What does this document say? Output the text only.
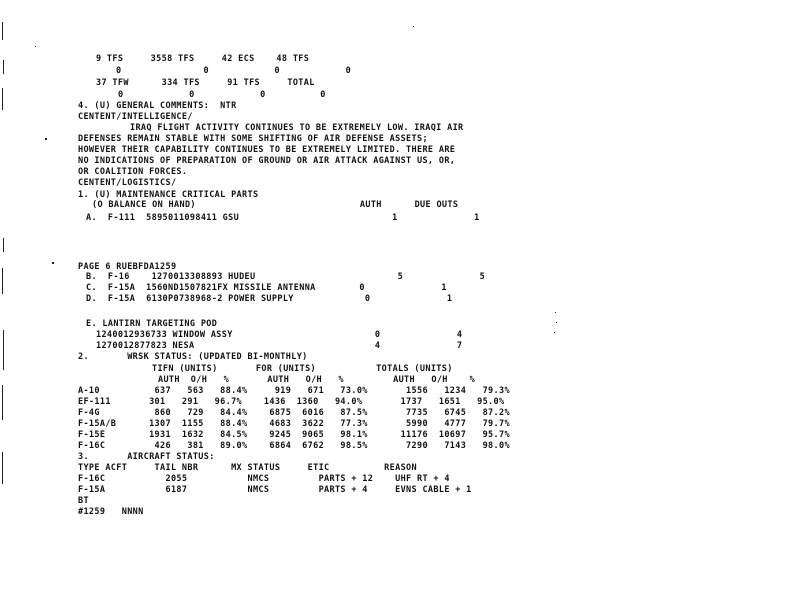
9 TFS     3558 TFS     42 ECS    48 TFS
0               0            0            0
37 TFW      334 TFS     91 TFS     TOTAL
0            0            0          0
4. (U) GENERAL COMMENTS:  NTR
CENTENT/INTELLIGENCE/
IRAQ FLIGHT ACTIVITY CONTINUES TO BE EXTREMELY LOW. IRAQI AIR
DEFENSES REMAIN STABLE WITH SOME SHIFTING OF AIR DEFENSE ASSETS;
HOWEVER THEIR CAPABILITY CONTINUES TO BE EXTREMELY LIMITED. THERE ARE
NO INDICATIONS OF PREPARATION OF GROUND OR AIR ATTACK AGAINST US, OR,
OR COALITION FORCES.
CENTENT/LOGISTICS/
1. (U) MAINTENANCE CRITICAL PARTS
(O BALANCE ON HAND)                              AUTH      DUE OUTS
A.  F-111  5895011098411 GSU                            1              1
PAGE 6 RUEBFDA1259
B.  F-16    1270013308893 HUDEU                          5              5
C.  F-15A  1560ND1507821FX MISSILE ANTENNA        0              1
D.  F-15A  6130P0738968-2 POWER SUPPLY             0              1
E. LANTIRN TARGETING POD
1240012936733 WINDOW ASSY                          0              4
1270012877823 NESA                                 4              7
2.       WRSK STATUS: (UPDATED BI-MONTHLY)
TIFN (UNITS)       FOR (UNITS)           TOTALS (UNITS)
AUTH  O/H   %       AUTH   O/H   %         AUTH   O/H    %
A-10          637   563   88.4%     919   671   73.0%       1556   1234   79.3%
EF-111       301   291   96.7%    1436  1360   94.0%       1737   1651   95.0%
F-4G          860   729   84.4%    6875  6016   87.5%       7735   6745   87.2%
F-15A/B      1307  1155   88.4%    4683  3622   77.3%       5990   4777   79.7%
F-15E        1931  1632   84.5%    9245  9065   98.1%      11176  10697   95.7%
F-16C         426   381   89.0%    6864  6762   98.5%       7290   7143   98.0%
3.       AIRCRAFT STATUS:
TYPE ACFT     TAIL NBR      MX STATUS     ETIC          REASON
F-16C           2055           NMCS         PARTS + 12    UHF RT + 4
F-15A           6187           NMCS         PARTS + 4     EVNS CABLE + 1
BT
#1259   NNNN
